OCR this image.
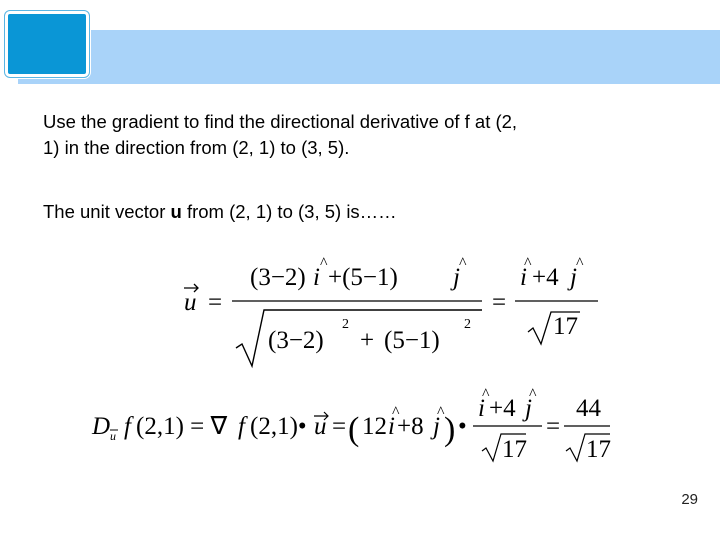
Use the gradient to find the directional derivative of f at (2,
1) in the direction from (2, 1) to (3, 5).
The unit vector u from (2, 1) to (3, 5) is……
u =
(3−2) i
^
+(5−1) j
^
(3−2)
2
+ (5−1)
2
=
i
^
+4 j
^
17
D u f (2,1) = ∇ f (2,1)• u = ( 12 i
^
+8 j
^ ) •
i
^
+4 j
^
17
=
44
17
29
